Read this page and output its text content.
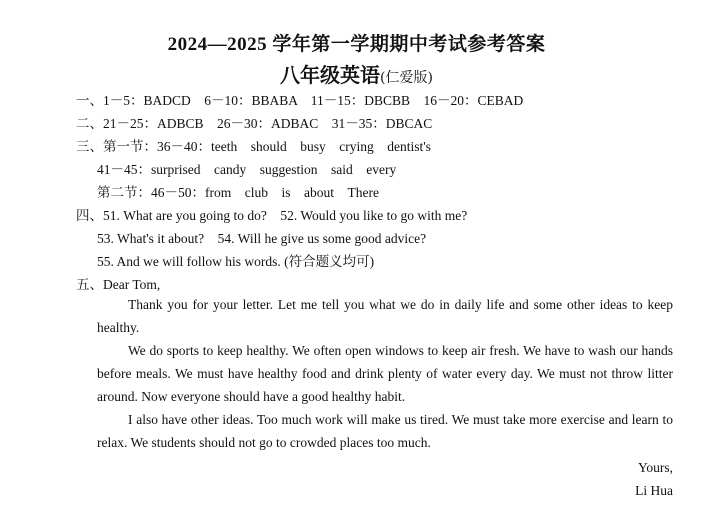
2024—2025 学年第一学期期中考试参考答案
八年级英语(仁爱版)
一、1－5：BADCD　6－10：BBABA　11－15：DBCBB　16－20：CEBAD
二、21－25：ADBCB　26－30：ADBAC　31－35：DBCAC
三、第一节：36－40：teeth　should　busy　crying　dentist's
41－45：surprised　candy　suggestion　said　every
第二节：46－50：from　club　is　about　There
四、51. What are you going to do?　52. Would you like to go with me?
53. What's it about?　54. Will he give us some good advice?
55. And we will follow his words. (符合题义均可)
五、Dear Tom,
Thank you for your letter. Let me tell you what we do in daily life and some other ideas to keep healthy.
We do sports to keep healthy. We often open windows to keep air fresh. We have to wash our hands before meals. We must have healthy food and drink plenty of water every day. We must not throw litter around. Now everyone should have a good healthy habit.
I also have other ideas. Too much work will make us tired. We must take more exercise and learn to relax. We students should not go to crowded places too much.
Yours,
Li Hua
